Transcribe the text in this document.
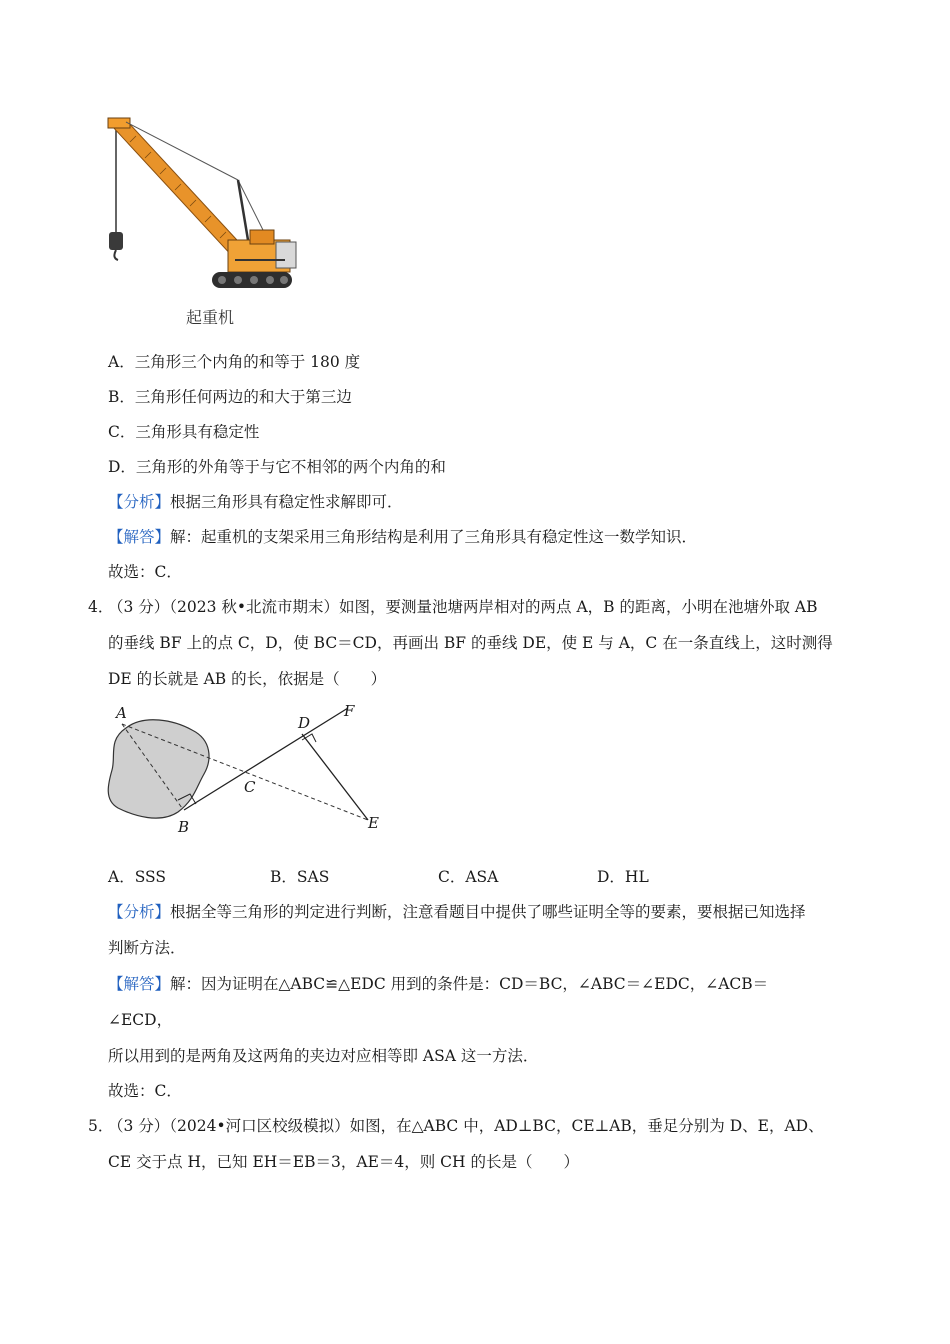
起重机
A．三角形三个内角的和等于 180 度
B．三角形任何两边的和大于第三边
C．三角形具有稳定性
D．三角形的外角等于与它不相邻的两个内角的和
【分析】根据三角形具有稳定性求解即可．
【解答】解：起重机的支架采用三角形结构是利用了三角形具有稳定性这一数学知识．
故选：C．
4．
（3 分）（2023 秋•北流市期末）如图，要测量池塘两岸相对的两点 A，B 的距离，小明在池塘外取 AB
的垂线 BF 上的点 C，D，使 BC＝CD，再画出 BF 的垂线 DE，使 E 与 A，C 在一条直线上，这时测得
DE 的长就是 AB 的长，依据是（　　）
A
B
C
D
E
F
A．SSS	B．SAS	C．ASA	D．HL
【分析】根据全等三角形的判定进行判断，注意看题目中提供了哪些证明全等的要素，要根据已知选择
判断方法．
【解答】解：因为证明在△ABC≌△EDC 用到的条件是：CD＝BC，∠ABC＝∠EDC，∠ACB＝
∠ECD，
所以用到的是两角及这两角的夹边对应相等即 ASA 这一方法．
故选：C．
5．
（3 分）（2024•河口区校级模拟）如图，在△ABC 中，AD⊥BC，CE⊥AB，垂足分别为 D、E，AD、
CE 交于点 H，已知 EH＝EB＝3，AE＝4，则 CH 的长是（　　）
